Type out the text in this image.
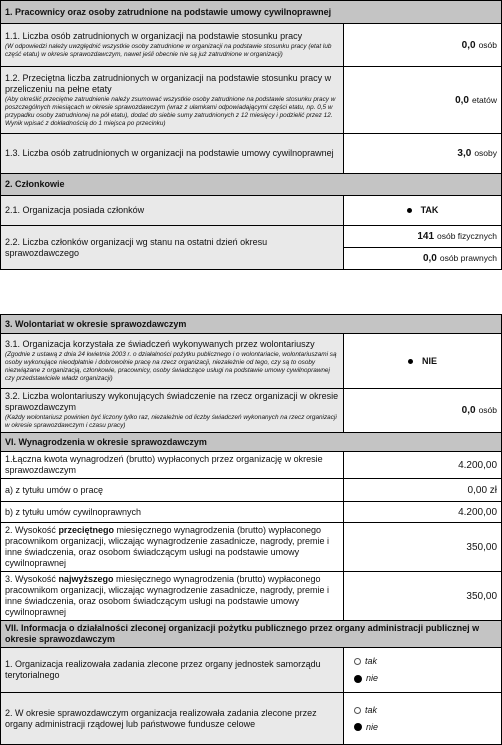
1. Pracownicy oraz osoby zatrudnione na podstawie umowy cywilnoprawnej	
1.1. Liczba osób zatrudnionych w organizacji na podstawie stosunku pracy
(W odpowiedzi należy uwzględnić wszystkie osoby zatrudnione w organizacji na podstawie stosunku pracy (etat lub część etatu) w okresie sprawozdawczym, nawet jeśli obecnie nie są już zatrudnione w organizacji)	0,0 osób
1.2. Przeciętna liczba zatrudnionych w organizacji na podstawie stosunku pracy w przeliczeniu na pełne etaty
(Aby określić przeciętne zatrudnienie należy zsumować wszystkie osoby zatrudnione na podstawie stosunku pracy w poszczególnych miesiącach w okresie sprawozdawczym (wraz z ułamkami odpowiadającymi części etatu, np. 0,5 w przypadku osoby zatrudnionej na pół etatu), dodać do siebie sumy zatrudnionych z 12 miesięcy i podzielić przez 12. Wynik wpisać z dokładnością do 1 miejsca po przecinku)	0,0 etatów
1.3. Liczba osób zatrudnionych w organizacji na podstawie umowy cywilnoprawnej	3,0 osoby
2. Członkowie	
2.1. Organizacja posiada członków	TAK
2.2. Liczba członków organizacji wg stanu na ostatni dzień okresu sprawozdawczego	141 osób fizycznych
	0,0 osób prawnych
3. Wolontariat w okresie sprawozdawczym	
3.1. Organizacja korzystała ze świadczeń wykonywanych przez wolontariuszy
(Zgodnie z ustawą z dnia 24 kwietnia 2003 r. o działalności pożytku publicznego i o wolontariacie, wolontariuszami są osoby wykonujące nieodpłatnie i dobrowolnie pracę na rzecz organizacji, niezależnie od tego, czy są to osoby niezwiązane z organizacją, członkowie, pracownicy, osoby świadczące usługi na podstawie umowy cywilnoprawnej czy przedstawiciele władz organizacji)	NIE
3.2. Liczba wolontariuszy wykonujących świadczenie na rzecz organizacji w okresie sprawozdawczym
(Każdy wolontariusz powinien być liczony tylko raz, niezależnie od liczby świadczeń wykonanych na rzecz organizacji w okresie sprawozdawczym i czasu pracy)	0,0 osób
VI. Wynagrodzenia w okresie sprawozdawczym	
1.Łączna kwota wynagrodzeń (brutto) wypłaconych przez organizację w okresie sprawozdawczym	4.200,00
a) z tytułu umów o pracę	0,00 zł
b) z tytułu umów cywilnoprawnych	4.200,00
2. Wysokość przeciętnego miesięcznego wynagrodzenia (brutto) wypłaconego pracownikom organizacji, wliczając wynagrodzenie zasadnicze, nagrody, premie i inne świadczenia, oraz osobom świadczącym usługi na podstawie umowy cywilnoprawnej	350,00
3. Wysokość najwyższego miesięcznego wynagrodzenia (brutto) wypłaconego pracownikom organizacji, wliczając wynagrodzenie zasadnicze, nagrody, premie i inne świadczenia, oraz osobom świadczącym usługi na podstawie umowy cywilnoprawnej	350,00
VII. Informacja o działalności zleconej organizacji pożytku publicznego przez organy administracji publicznej w okresie sprawozdawczym	
1. Organizacja realizowała zadania zlecone przez organy jednostek samorządu terytorialnego	tak
nie

2. W okresie sprawozdawczym organizacja realizowała zadania zlecone przez organy administracji rządowej lub państwowe fundusze celowe	tak
nie
